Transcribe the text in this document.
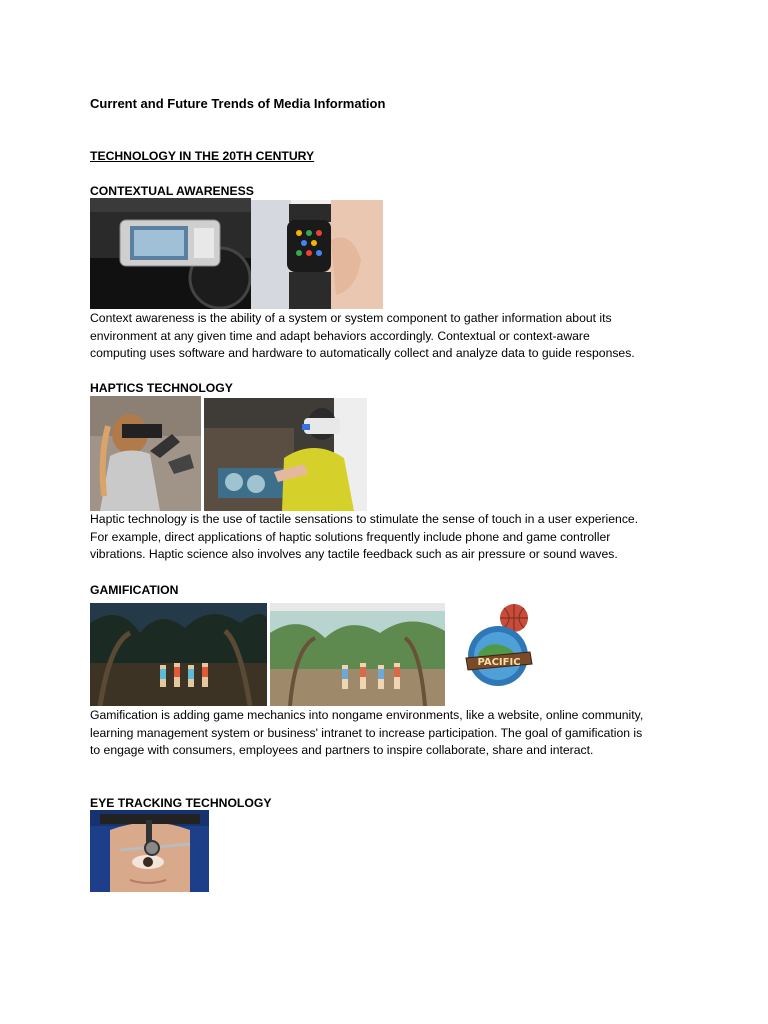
Current and Future Trends of Media Information
TECHNOLOGY IN THE 20TH CENTURY
CONTEXTUAL AWARENESS
Context awareness is the ability of a system or system component to gather information about its
environment at any given time and adapt behaviors accordingly. Contextual or context-aware
computing uses software and hardware to automatically collect and analyze data to guide responses.
HAPTICS TECHNOLOGY
Haptic technology is the use of tactile sensations to stimulate the sense of touch in a user experience.
For example, direct applications of haptic solutions frequently include phone and game controller
vibrations. Haptic science also involves any tactile feedback such as air pressure or sound waves.
GAMIFICATION
PACIFIC
Gamification is adding game mechanics into nongame environments, like a website, online community,
learning management system or business' intranet to increase participation. The goal of gamification is
to engage with consumers, employees and partners to inspire collaborate, share and interact.
EYE TRACKING TECHNOLOGY
